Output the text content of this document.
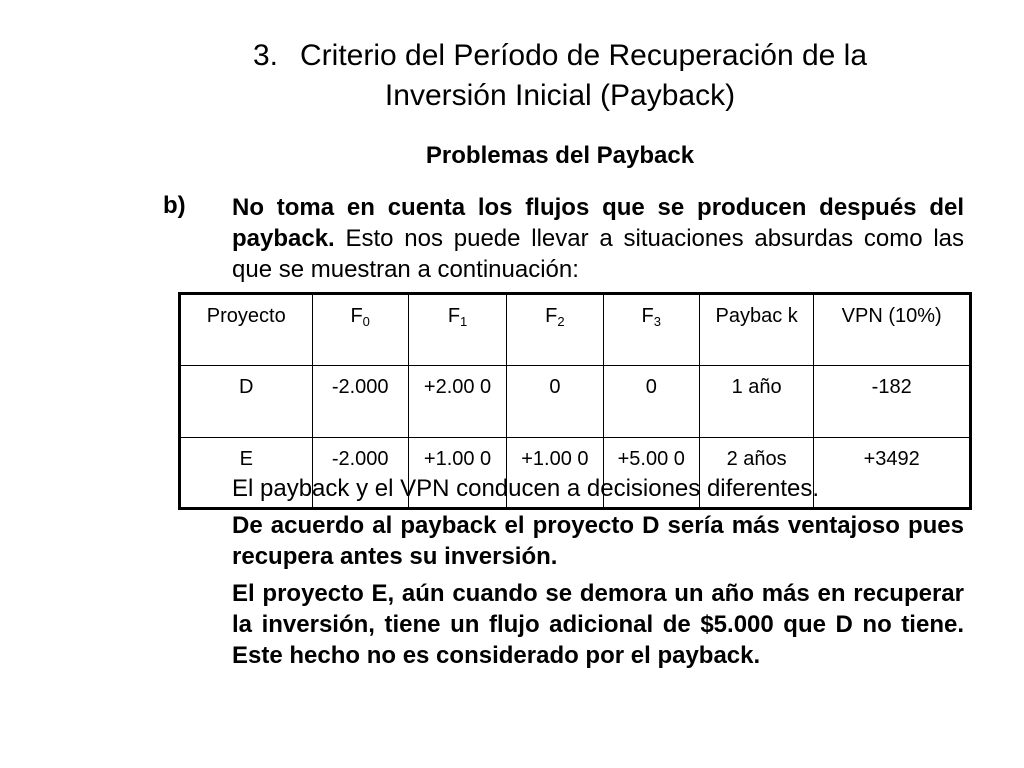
3. Criterio del Período de Recuperación de la
Inversión Inicial (Payback)
Problemas del Payback
b) No toma en cuenta los flujos que se producen después del payback. Esto nos puede llevar a situaciones absurdas como las que se muestran a continuación:
Proyecto	$F_0$	$F_1$	$F_2$	$F_3$	Paybac k	VPN (10%)
D	-2.000	+2.00 0	0	0	1 año	-182
E	-2.000	+1.00 0	+1.00 0	+5.00 0	2 años	+3492
El payback y el VPN conducen a decisiones diferentes.
De acuerdo al payback el proyecto D sería más ventajoso pues recupera antes su inversión.
El proyecto E, aún cuando se demora un año más en recuperar la inversión, tiene un flujo adicional de $5.000 que D no tiene. Este hecho no es considerado por el payback.
